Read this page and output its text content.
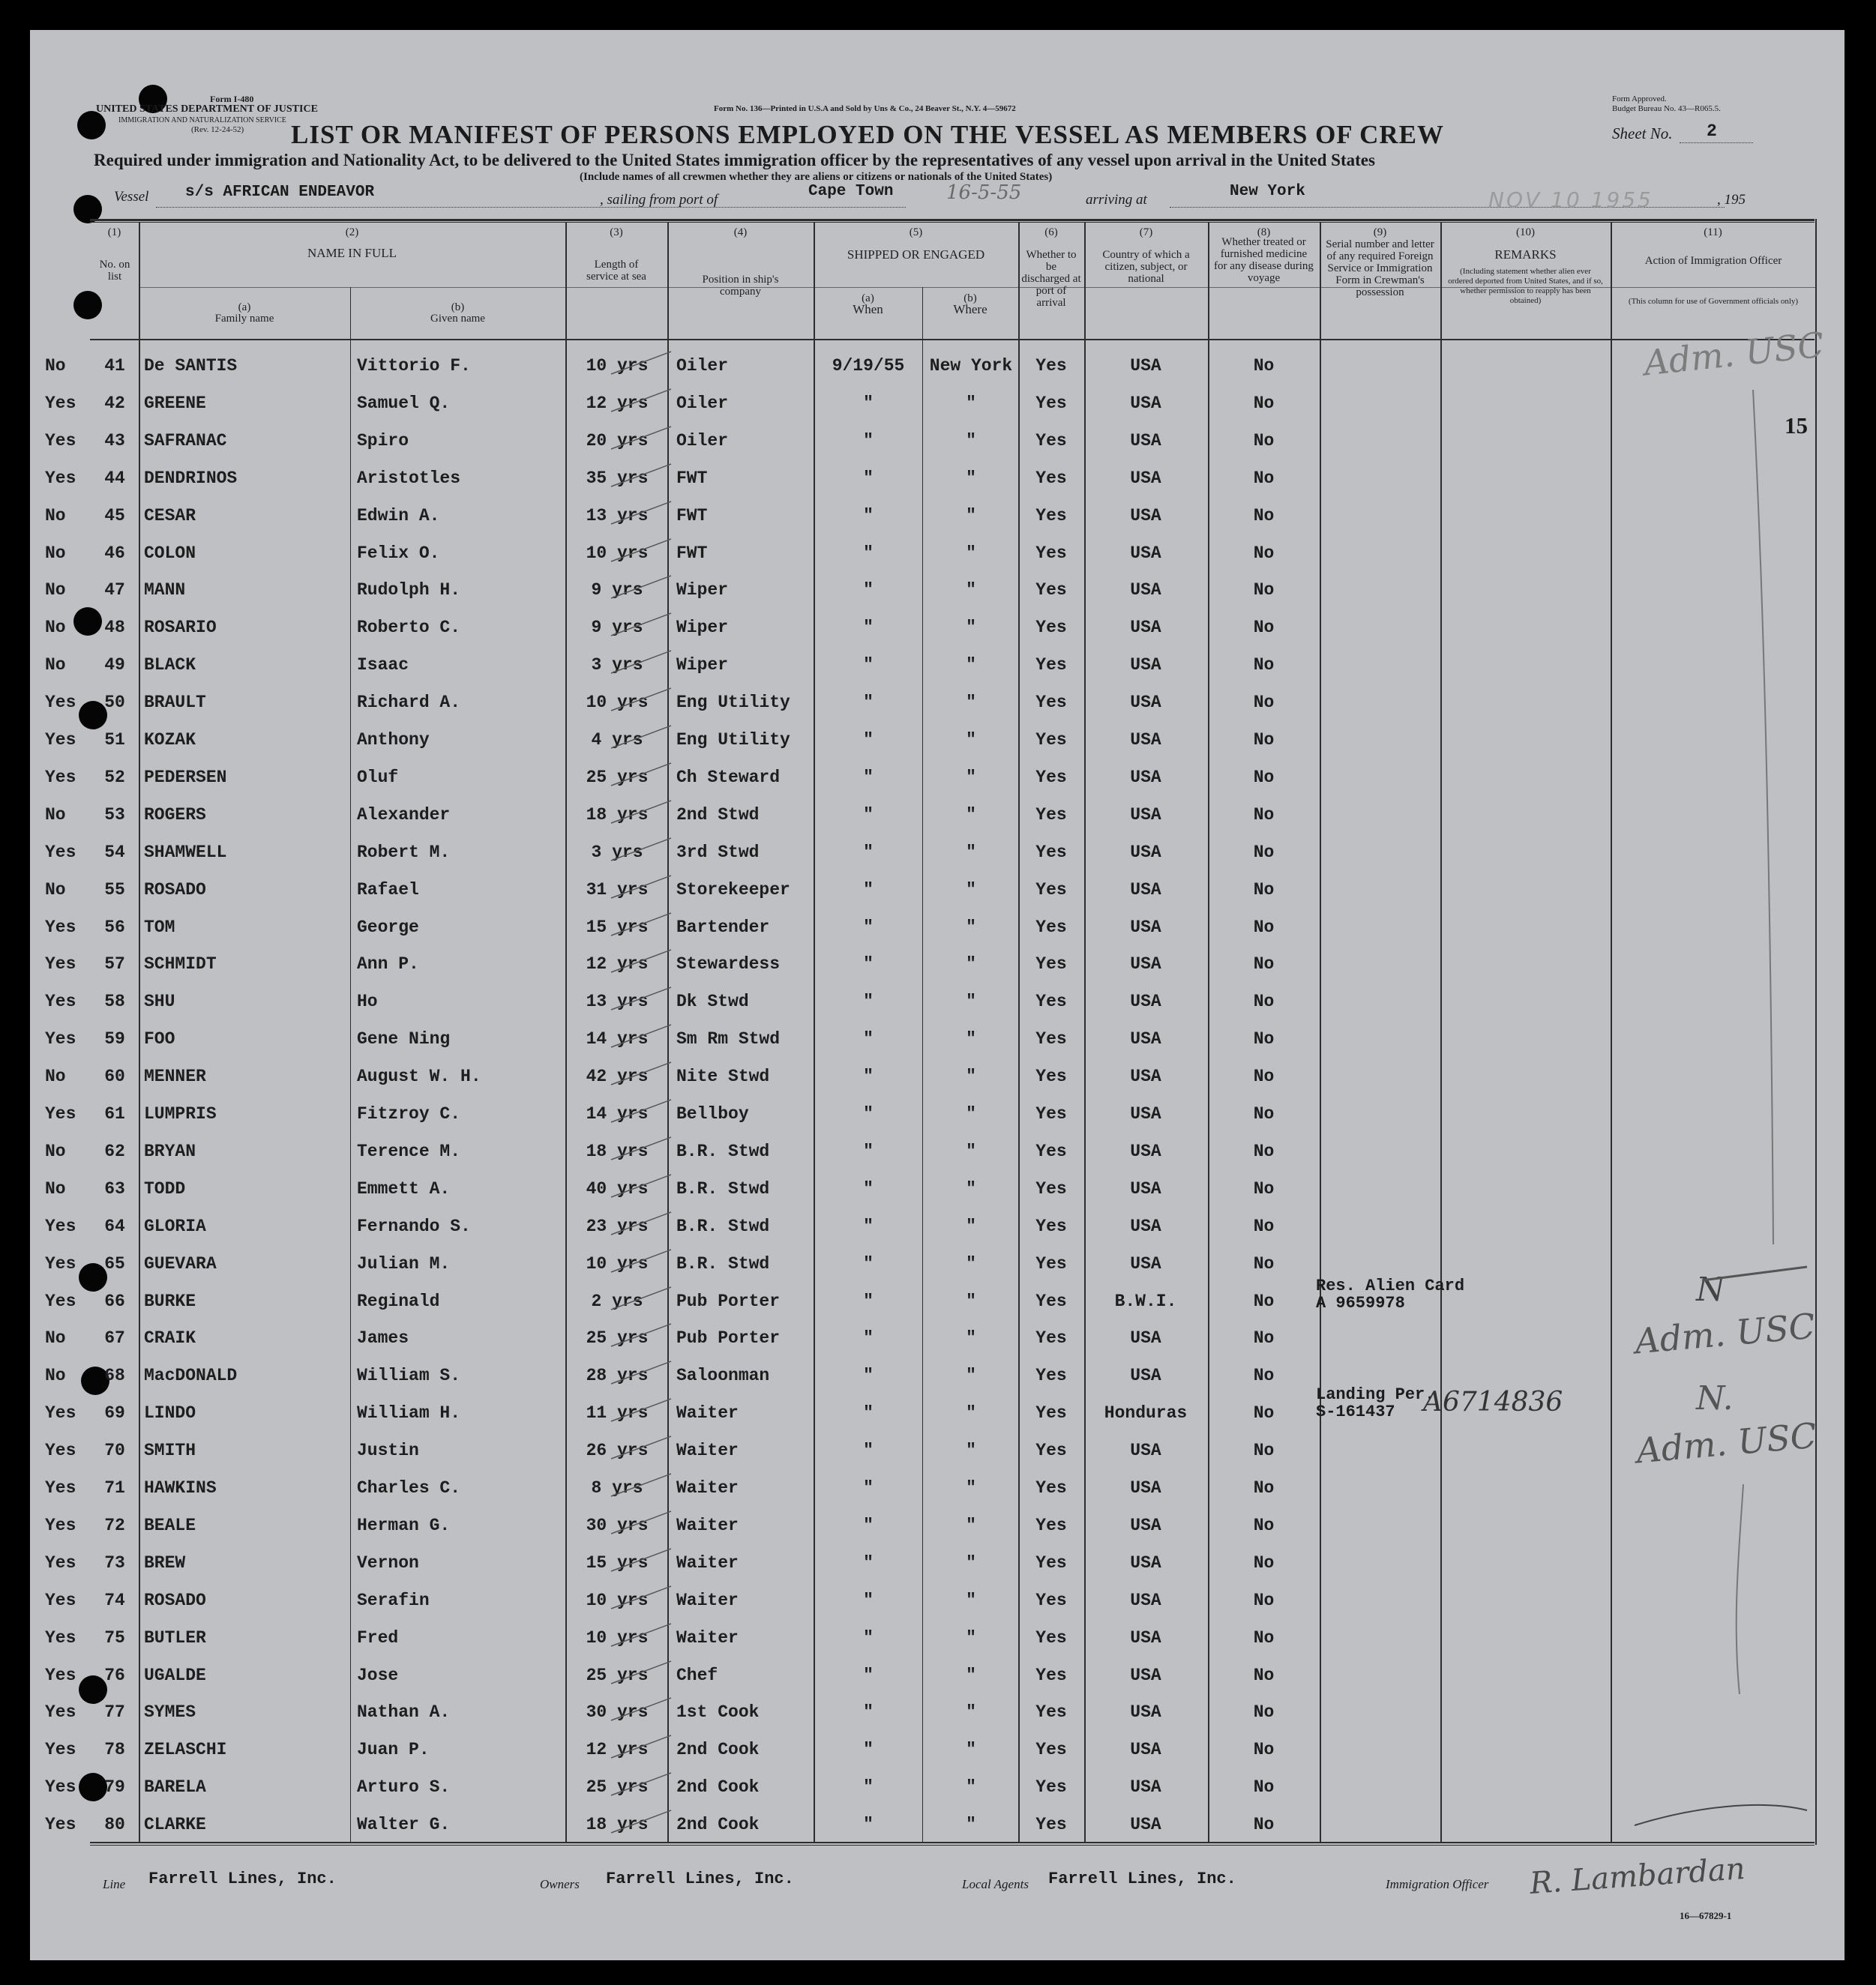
Form I-480
UNITED STATES DEPARTMENT OF JUSTICE
IMMIGRATION AND NATURALIZATION SERVICE
(Rev. 12-24-52)
Form No. 136—Printed in U.S.A and Sold by Uns & Co., 24 Beaver St., N.Y. 4—59672
Form Approved.
Budget Bureau No. 43—R065.5.
LIST OR MANIFEST OF PERSONS EMPLOYED ON THE VESSEL AS MEMBERS OF CREW	Sheet No. 2
Required under immigration and Nationality Act, to be delivered to the United States immigration officer by the representatives of any vessel upon arrival in the United States
(Include names of all crewmen whether they are aliens or citizens or nationals of the United States)
Vessel s/s AFRICAN ENDEAVOR	, sailing from port of	Cape Town	16-5-55	arriving at	New York	NOV 10 1955	, 195
15
(1)
No. on list
(2)
NAME IN FULL
(a)
Family name
(b)
Given name
(3)
Length of service at sea
(4)
Position in ship's company
(5)
SHIPPED OR ENGAGED
(a)
When
(b)
Where
(6)
Whether to be discharged at port of arrival
(7)
Country of which a citizen, subject, or national
(8)
Whether treated or furnished medicine for any disease during voyage
(9)
Serial number and letter of any required Foreign Service or Immigration Form in Crewman's possession
(10)
REMARKS
(Including statement whether alien ever ordered deported from United States, and if so, whether permission to reapply has been obtained)
(11)
Action of Immigration Officer
(This column for use of Government officials only)
No	41	De SANTIS	Vittorio F.	10 yrs	Oiler	9/19/55	New York	Yes	USA	No
Yes	42	GREENE	Samuel Q.	12 yrs	Oiler	"	"	Yes	USA	No
Yes	43	SAFRANAC	Spiro	20 yrs	Oiler	"	"	Yes	USA	No
Yes	44	DENDRINOS	Aristotles	35 yrs	FWT	"	"	Yes	USA	No
No	45	CESAR	Edwin A.	13 yrs	FWT	"	"	Yes	USA	No
No	46	COLON	Felix O.	10 yrs	FWT	"	"	Yes	USA	No
No	47	MANN	Rudolph H.	9 yrs	Wiper	"	"	Yes	USA	No
No	48	ROSARIO	Roberto C.	9 yrs	Wiper	"	"	Yes	USA	No
No	49	BLACK	Isaac	3 yrs	Wiper	"	"	Yes	USA	No
Yes	50	BRAULT	Richard A.	10 yrs	Eng Utility	"	"	Yes	USA	No
Yes	51	KOZAK	Anthony	4 yrs	Eng Utility	"	"	Yes	USA	No
Yes	52	PEDERSEN	Oluf	25 yrs	Ch Steward	"	"	Yes	USA	No
No	53	ROGERS	Alexander	18 yrs	2nd Stwd	"	"	Yes	USA	No
Yes	54	SHAMWELL	Robert M.	3 yrs	3rd Stwd	"	"	Yes	USA	No
No	55	ROSADO	Rafael	31 yrs	Storekeeper	"	"	Yes	USA	No
Yes	56	TOM	George	15 yrs	Bartender	"	"	Yes	USA	No
Yes	57	SCHMIDT	Ann P.	12 yrs	Stewardess	"	"	Yes	USA	No
Yes	58	SHU	Ho	13 yrs	Dk Stwd	"	"	Yes	USA	No
Yes	59	FOO	Gene Ning	14 yrs	Sm Rm Stwd	"	"	Yes	USA	No
No	60	MENNER	August W. H.	42 yrs	Nite Stwd	"	"	Yes	USA	No
Yes	61	LUMPRIS	Fitzroy C.	14 yrs	Bellboy	"	"	Yes	USA	No
No	62	BRYAN	Terence M.	18 yrs	B.R. Stwd	"	"	Yes	USA	No
No	63	TODD	Emmett A.	40 yrs	B.R. Stwd	"	"	Yes	USA	No
Yes	64	GLORIA	Fernando S.	23 yrs	B.R. Stwd	"	"	Yes	USA	No
Yes	65	GUEVARA	Julian M.	10 yrs	B.R. Stwd	"	"	Yes	USA	No
Yes	66	BURKE	Reginald	2 yrs	Pub Porter	"	"	Yes	B.W.I.	No
No	67	CRAIK	James	25 yrs	Pub Porter	"	"	Yes	USA	No
No	68	MacDONALD	William S.	28 yrs	Saloonman	"	"	Yes	USA	No
Yes	69	LINDO	William H.	11 yrs	Waiter	"	"	Yes	Honduras	No
Yes	70	SMITH	Justin	26 yrs	Waiter	"	"	Yes	USA	No
Yes	71	HAWKINS	Charles C.	8 yrs	Waiter	"	"	Yes	USA	No
Yes	72	BEALE	Herman G.	30 yrs	Waiter	"	"	Yes	USA	No
Yes	73	BREW	Vernon	15 yrs	Waiter	"	"	Yes	USA	No
Yes	74	ROSADO	Serafin	10 yrs	Waiter	"	"	Yes	USA	No
Yes	75	BUTLER	Fred	10 yrs	Waiter	"	"	Yes	USA	No
Yes	76	UGALDE	Jose	25 yrs	Chef	"	"	Yes	USA	No
Yes	77	SYMES	Nathan A.	30 yrs	1st Cook	"	"	Yes	USA	No
Yes	78	ZELASCHI	Juan P.	12 yrs	2nd Cook	"	"	Yes	USA	No
Yes	79	BARELA	Arturo S.	25 yrs	2nd Cook	"	"	Yes	USA	No
Yes	80	CLARKE	Walter G.	18 yrs	2nd Cook	"	"	Yes	USA	No
Res. Alien Card
A 9659978
Landing Per.
S-161437 A6714836
Adm. USC
N
Adm. USC
N.
Adm. USC
Line Farrell Lines, Inc.	Owners Farrell Lines, Inc.	Local Agents Farrell Lines, Inc.	Immigration Officer R. Lambardan
16—67829-1
